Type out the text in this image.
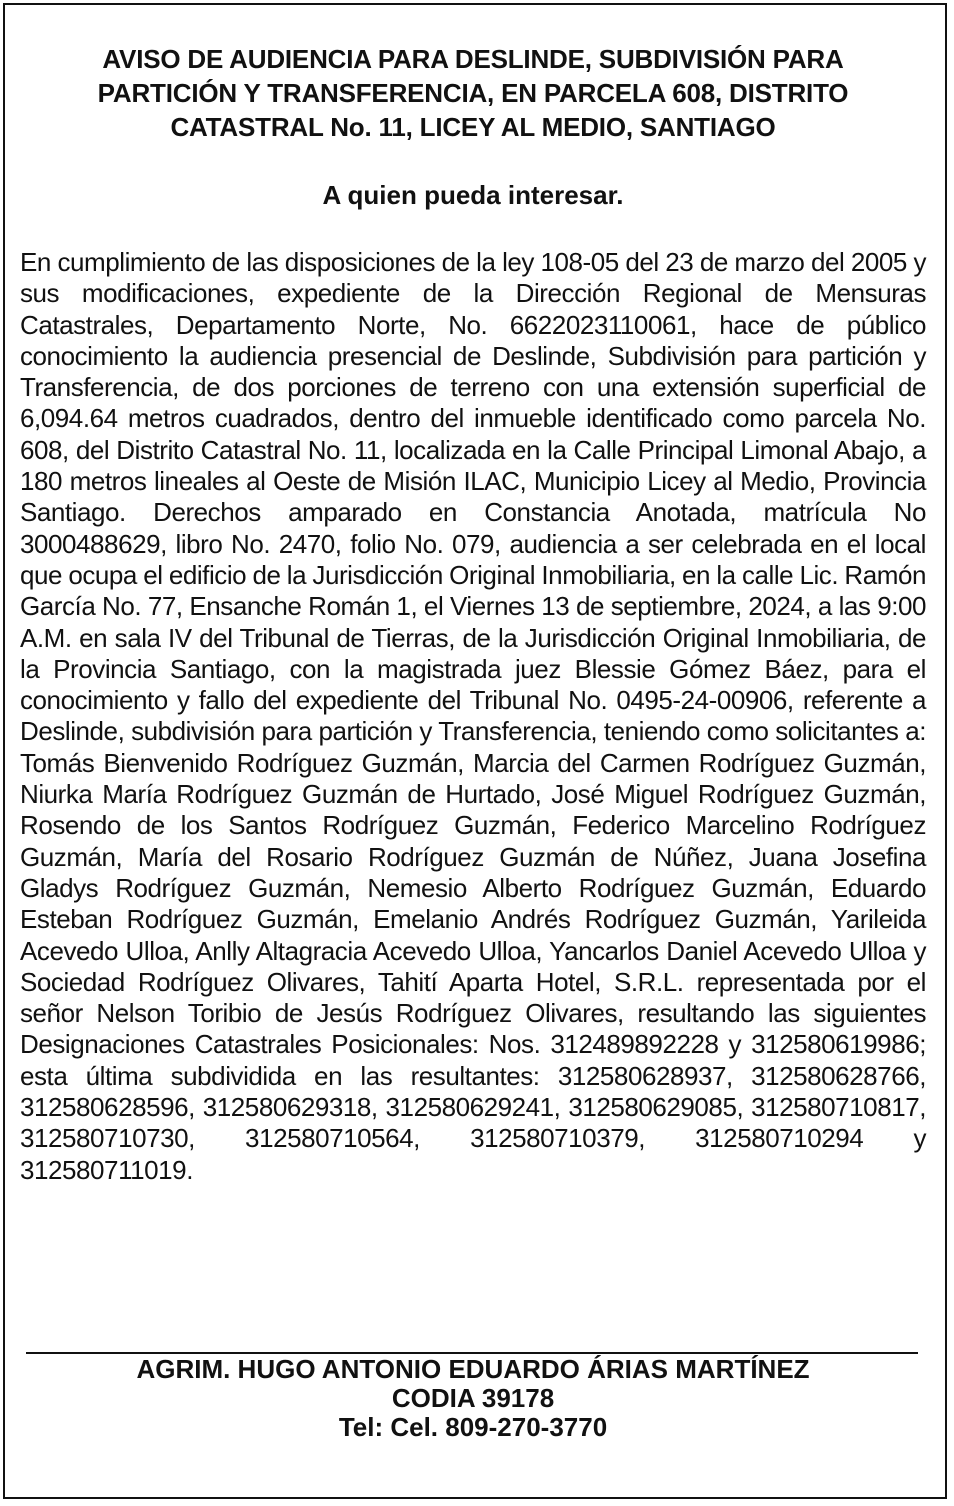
AVISO DE AUDIENCIA PARA DESLINDE, SUBDIVISIÓN PARA
PARTICIÓN Y TRANSFERENCIA, EN PARCELA 608, DISTRITO
CATASTRAL No. 11, LICEY AL MEDIO, SANTIAGO

A quien pueda interesar.

En cumplimiento de las disposiciones de la ley 108-05 del 23 de marzo del 2005 y sus modificaciones, expediente de la Dirección Regional de Mensuras Catastrales, Departamento Norte, No. 6622023110061, hace de público conocimiento la audiencia presencial de Deslinde, Subdivisión para partición y Transferencia, de dos porciones de terreno con una extensión superficial de 6,094.64 metros cuadrados, dentro del inmueble identificado como parcela No. 608, del Distrito Catastral No. 11, localizada en la Calle Principal Limonal Abajo, a 180 metros lineales al Oeste de Misión ILAC, Municipio Licey al Medio, Provincia Santiago. Derechos amparado en Constancia Anotada, matrícula No 3000488629, libro No. 2470, folio No. 079, audiencia a ser celebrada en el local que ocupa el edificio de la Jurisdicción Original Inmobiliaria, en la calle Lic. Ramón García No. 77, Ensanche Román 1, el Viernes 13 de septiembre, 2024, a las 9:00 A.M. en sala IV del Tribunal de Tierras, de la Jurisdicción Original Inmobiliaria, de la Provincia Santiago, con la magistrada juez Blessie Gómez Báez, para el conocimiento y fallo del expediente del Tribunal No. 0495-24-00906, referente a Deslinde, subdivisión para partición y Transferencia, teniendo como solicitantes a: Tomás Bienvenido Rodríguez Guzmán, Marcia del Carmen Rodríguez Guzmán, Niurka María Rodríguez Guzmán de Hurtado, José Miguel Rodríguez Guzmán, Rosendo de los Santos Rodríguez Guzmán, Federico Marcelino Rodríguez Guzmán, María del Rosario Rodríguez Guzmán de Núñez, Juana Josefina Gladys Rodríguez Guzmán, Nemesio Alberto Rodríguez Guzmán, Eduardo Esteban Rodríguez Guzmán, Emelanio Andrés Rodríguez Guzmán, Yarileida Acevedo Ulloa, Anlly Altagracia Acevedo Ulloa, Yancarlos Daniel Acevedo Ulloa y Sociedad Rodríguez Olivares, Tahití Aparta Hotel, S.R.L. representada por el señor Nelson Toribio de Jesús Rodríguez Olivares, resultando las siguientes Designaciones Catastrales Posicionales: Nos. 312489892228 y 312580619986; esta última subdividida en las resultantes: 312580628937, 312580628766, 312580628596, 312580629318, 312580629241, 312580629085, 312580710817, 312580710730, 312580710564, 312580710379, 312580710294 y 312580711019.

AGRIM. HUGO ANTONIO EDUARDO ÁRIAS MARTÍNEZ
CODIA 39178
Tel: Cel. 809-270-3770
